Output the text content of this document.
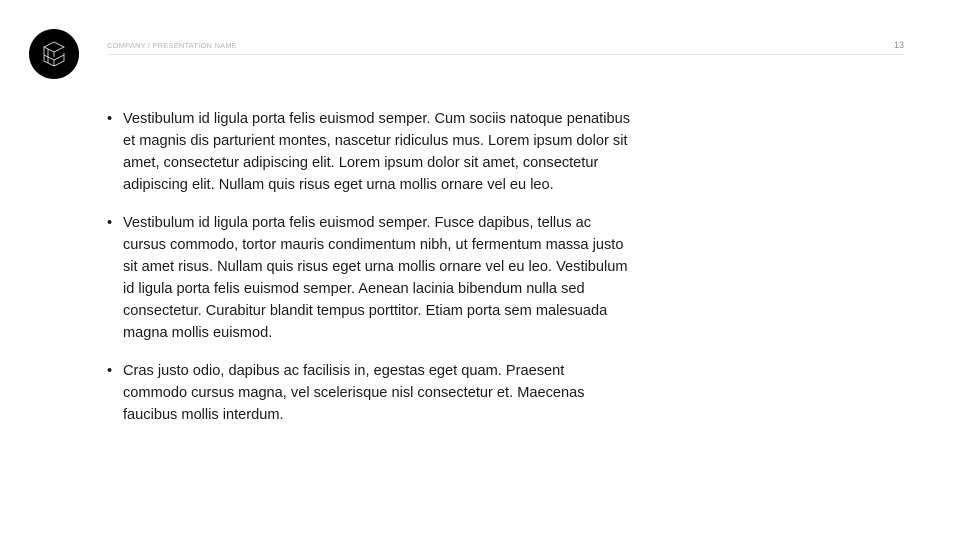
COMPANY / PRESENTATION NAME	13
• Vestibulum id ligula porta felis euismod semper. Cum sociis natoque penatibus et magnis dis parturient montes, nascetur ridiculus mus. Lorem ipsum dolor sit amet, consectetur adipiscing elit. Lorem ipsum dolor sit amet, consectetur adipiscing elit. Nullam quis risus eget urna mollis ornare vel eu leo.
• Vestibulum id ligula porta felis euismod semper. Fusce dapibus, tellus ac cursus commodo, tortor mauris condimentum nibh, ut fermentum massa justo sit amet risus. Nullam quis risus eget urna mollis ornare vel eu leo. Vestibulum id ligula porta felis euismod semper. Aenean lacinia bibendum nulla sed consectetur. Curabitur blandit tempus porttitor. Etiam porta sem malesuada magna mollis euismod.
• Cras justo odio, dapibus ac facilisis in, egestas eget quam. Praesent commodo cursus magna, vel scelerisque nisl consectetur et. Maecenas faucibus mollis interdum.
